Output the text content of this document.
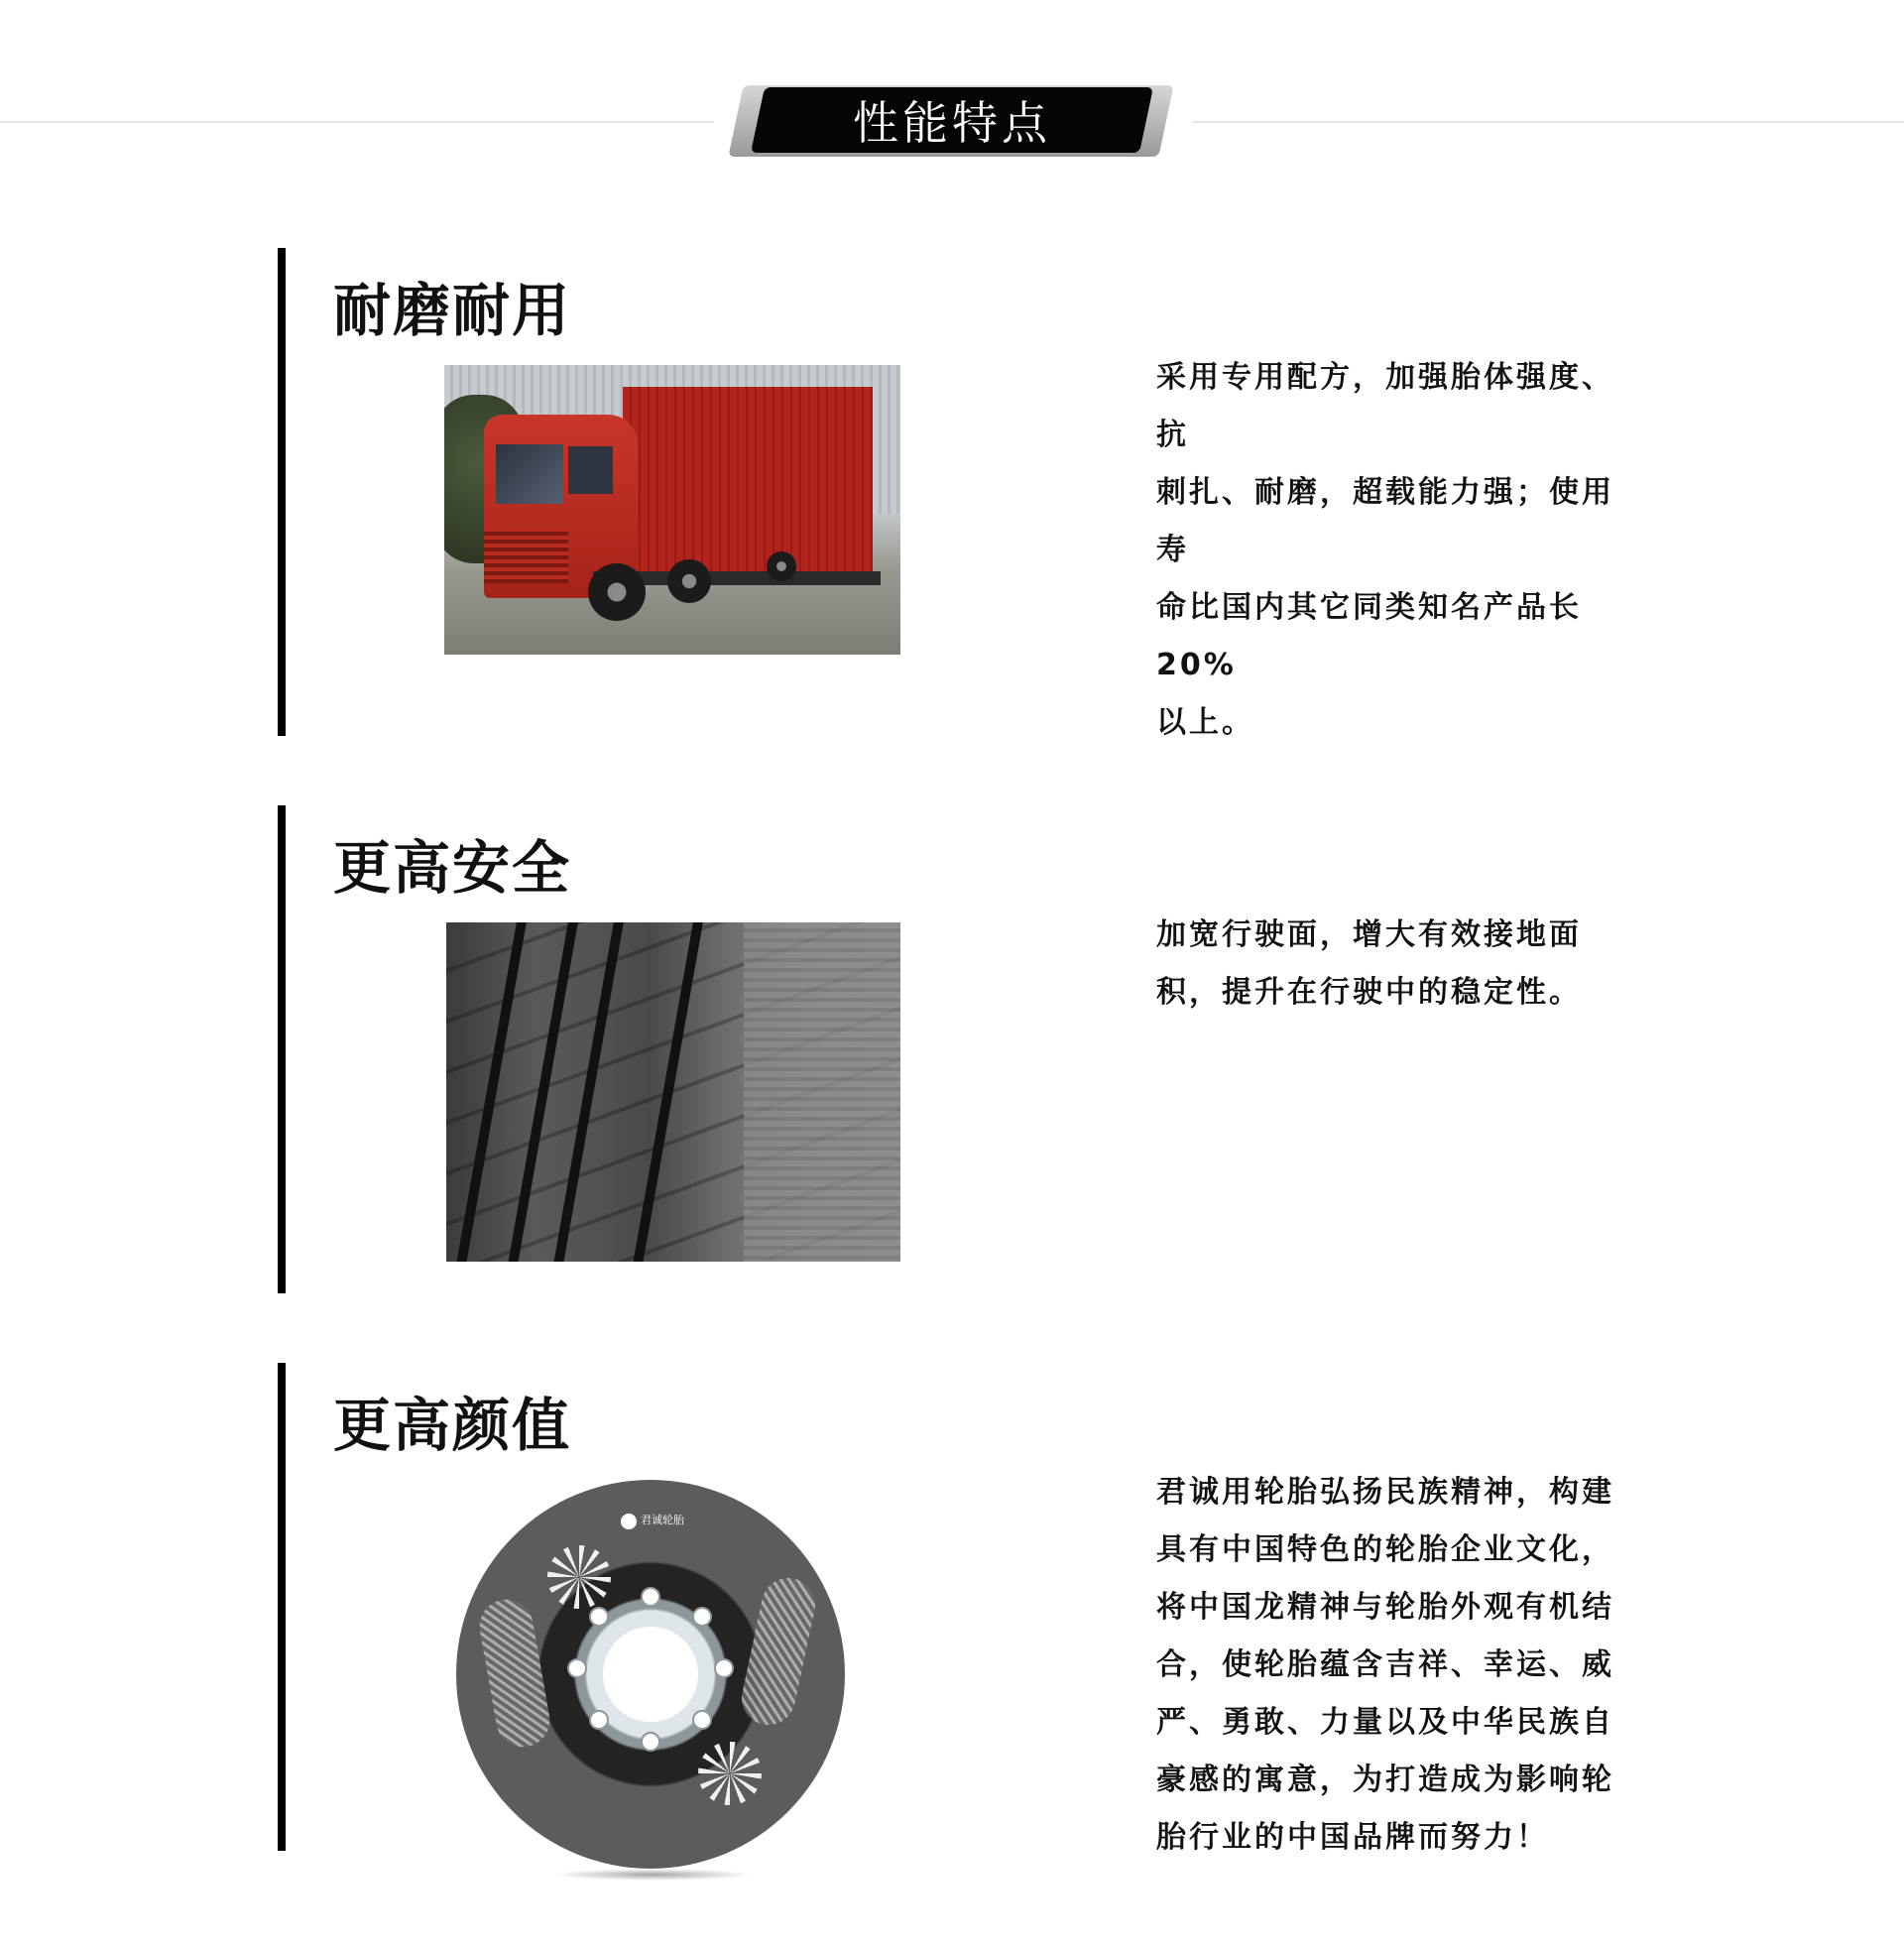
性能特点
耐磨耐用
采用专用配方，加强胎体强度、抗
刺扎、耐磨，超载能力强；使用寿
命比国内其它同类知名产品长20%
以上。
更高安全
加宽行驶面，增大有效接地面
积，提升在行驶中的稳定性。
更高颜值
君诚轮胎
君诚用轮胎弘扬民族精神，构建
具有中国特色的轮胎企业文化，
将中国龙精神与轮胎外观有机结
合，使轮胎蕴含吉祥、幸运、威
严、勇敢、力量以及中华民族自
豪感的寓意，为打造成为影响轮
胎行业的中国品牌而努力！
